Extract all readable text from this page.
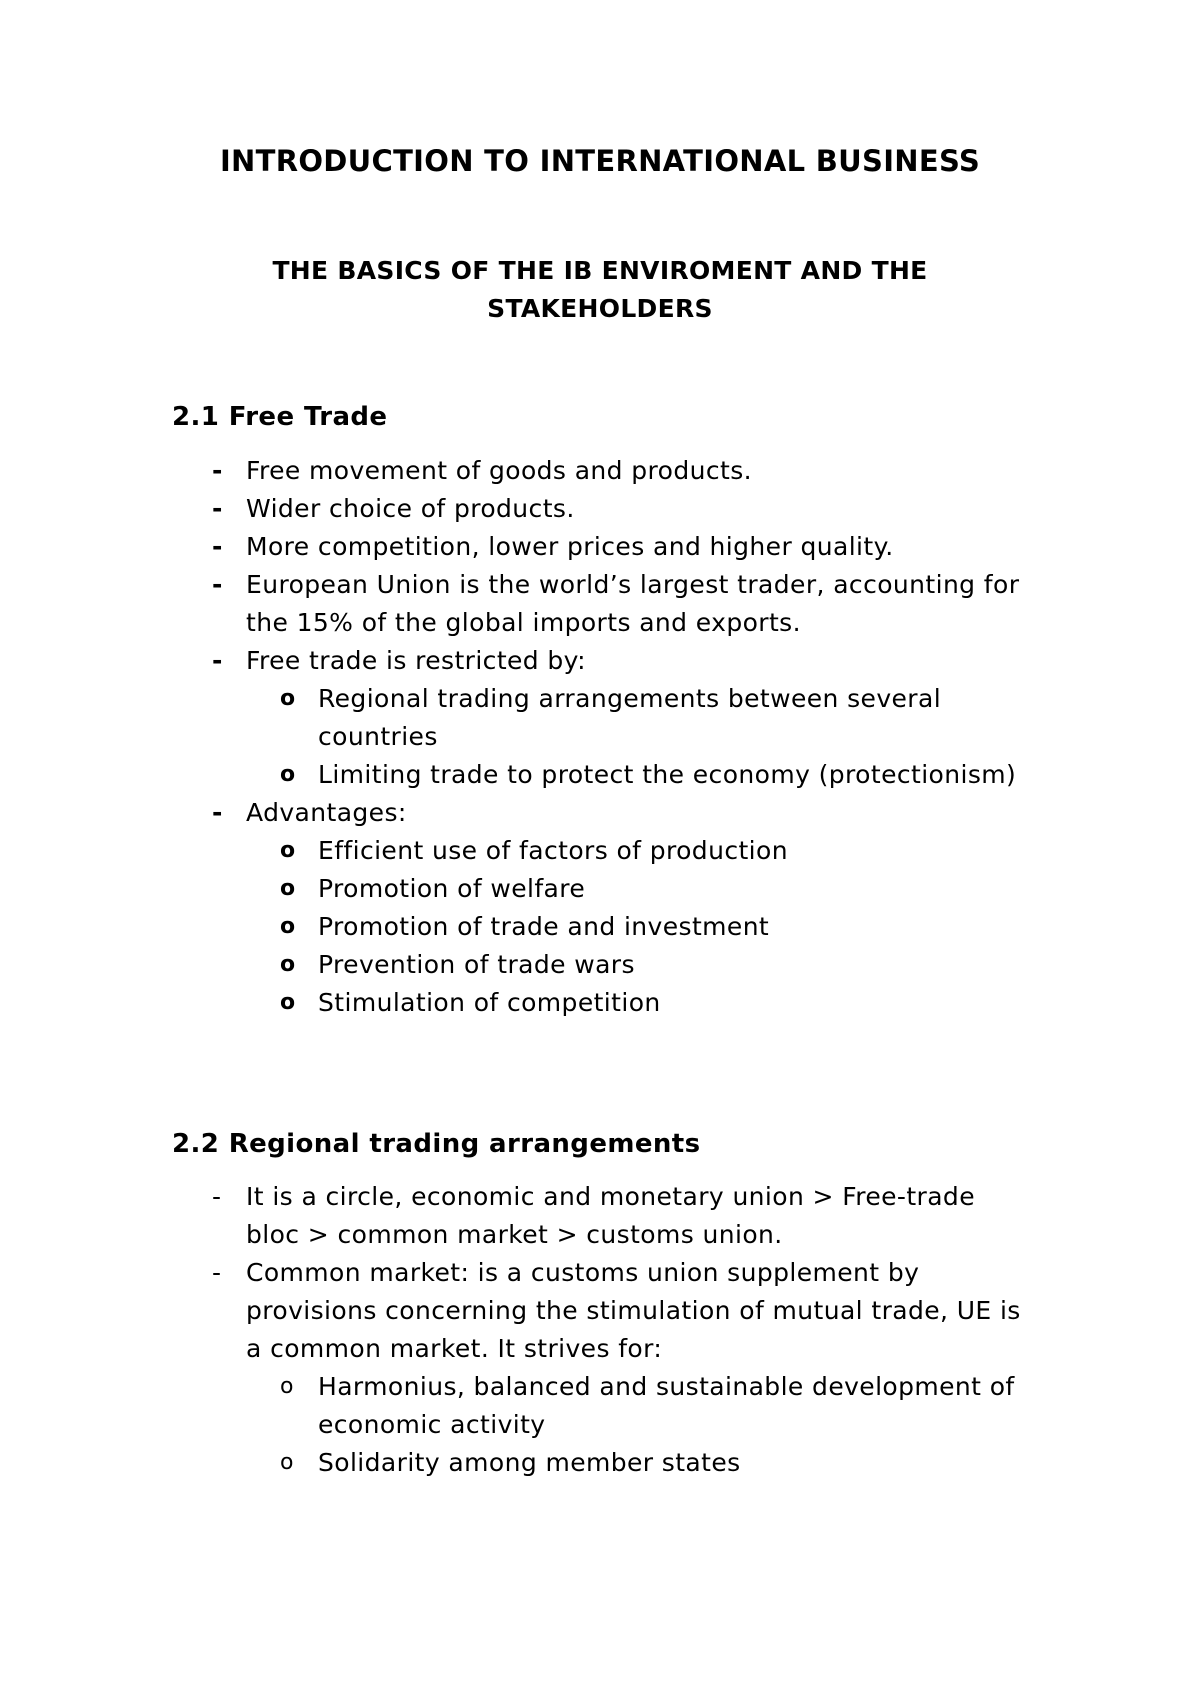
INTRODUCTION TO INTERNATIONAL BUSINESS
THE BASICS OF THE IB ENVIROMENT AND THE
STAKEHOLDERS
2.1 Free Trade
- Free movement of goods and products.
- Wider choice of products.
- More competition, lower prices and higher quality.
- European Union is the world’s largest trader, accounting for the 15% of the global imports and exports.
- Free trade is restricted by:
o Regional trading arrangements between several countries
o Limiting trade to protect the economy (protectionism)
- Advantages:
o Efficient use of factors of production
o Promotion of welfare
o Promotion of trade and investment
o Prevention of trade wars
o Stimulation of competition
2.2 Regional trading arrangements
- It is a circle, economic and monetary union > Free-trade bloc > common market > customs union.
- Common market: is a customs union supplement by provisions concerning the stimulation of mutual trade, UE is a common market. It strives for:
o Harmonius, balanced and sustainable development of economic activity
o Solidarity among member states
